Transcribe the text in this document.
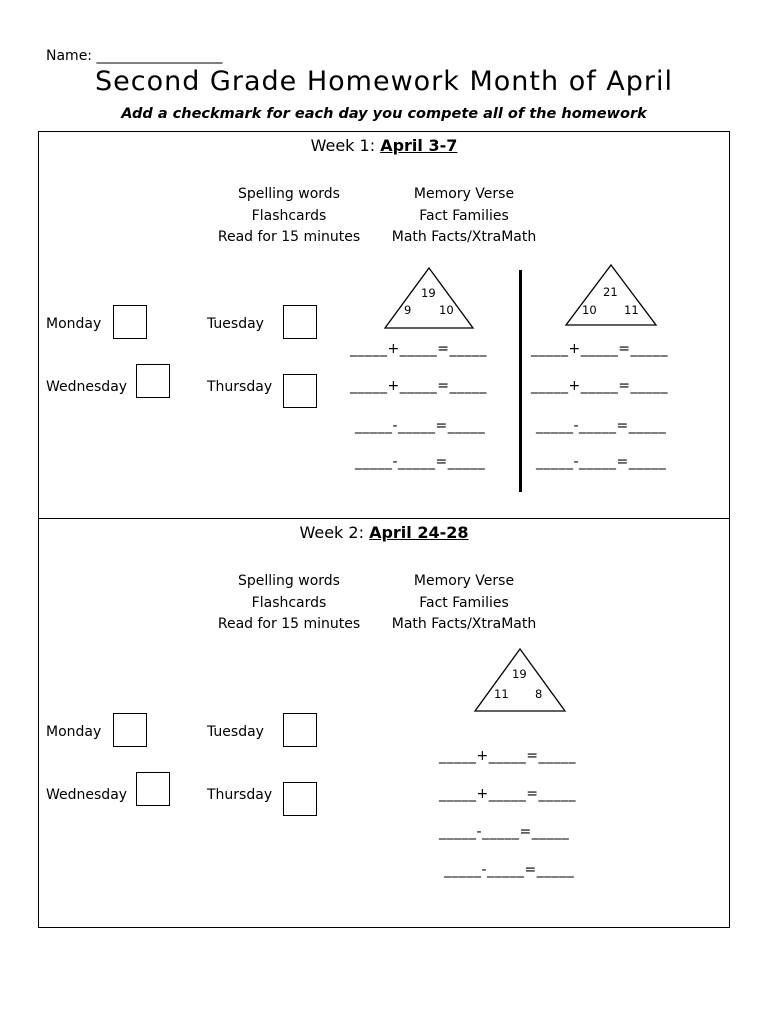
Name: __________________
Second Grade Homework Month of April
Add a checkmark for each day you compete all of the homework
Week 1: April 3-7
Spelling words
Flashcards
Read for 15 minutes
Memory Verse
Fact Families
Math Facts/XtraMath
Monday	Tuesday
Wednesday	Thursday
19
9 10
_____+_____=_____
_____+_____=_____
_____-_____=_____
_____-_____=_____
21
10 11
_____+_____=_____
_____+_____=_____
_____-_____=_____
_____-_____=_____
Week 2: April 24-28
Spelling words
Flashcards
Read for 15 minutes
Memory Verse
Fact Families
Math Facts/XtraMath
Monday	Tuesday
Wednesday	Thursday
19
11 8
_____+_____=_____
_____+_____=_____
_____-_____=_____
_____-_____=_____
